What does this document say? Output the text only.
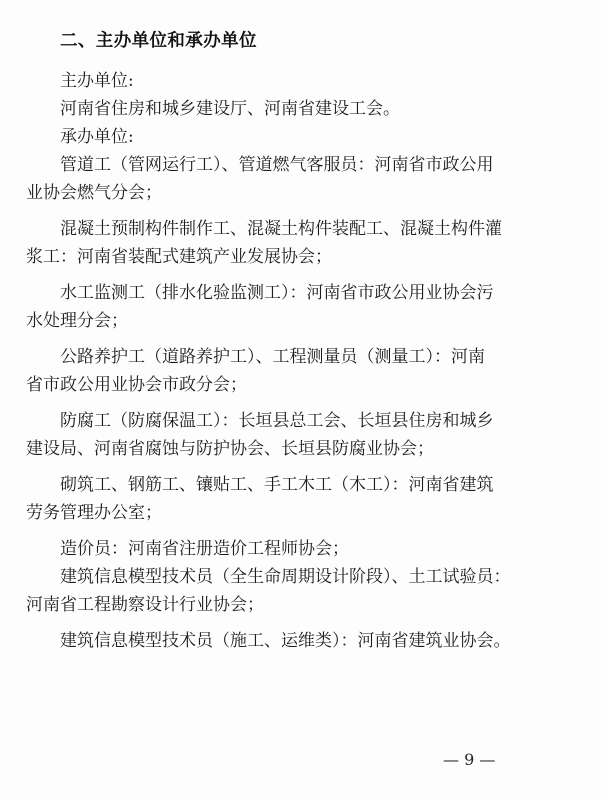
二、主办单位和承办单位
主办单位:
河南省住房和城乡建设厅、河南省建设工会。
承办单位:
管道工（管网运行工）、管道燃气客服员：河南省市政公用
业协会燃气分会；
混凝土预制构件制作工、混凝土构件装配工、混凝土构件灌
浆工：河南省装配式建筑产业发展协会；
水工监测工（排水化验监测工）：河南省市政公用业协会污
水处理分会；
公路养护工（道路养护工）、工程测量员（测量工）：河南
省市政公用业协会市政分会；
防腐工（防腐保温工）：长垣县总工会、长垣县住房和城乡
建设局、河南省腐蚀与防护协会、长垣县防腐业协会；
砌筑工、钢筋工、镶贴工、手工木工（木工）：河南省建筑
劳务管理办公室；
造价员：河南省注册造价工程师协会；
建筑信息模型技术员（全生命周期设计阶段）、土工试验员：
河南省工程勘察设计行业协会；
建筑信息模型技术员（施工、运维类）：河南省建筑业协会。
— 9 —
